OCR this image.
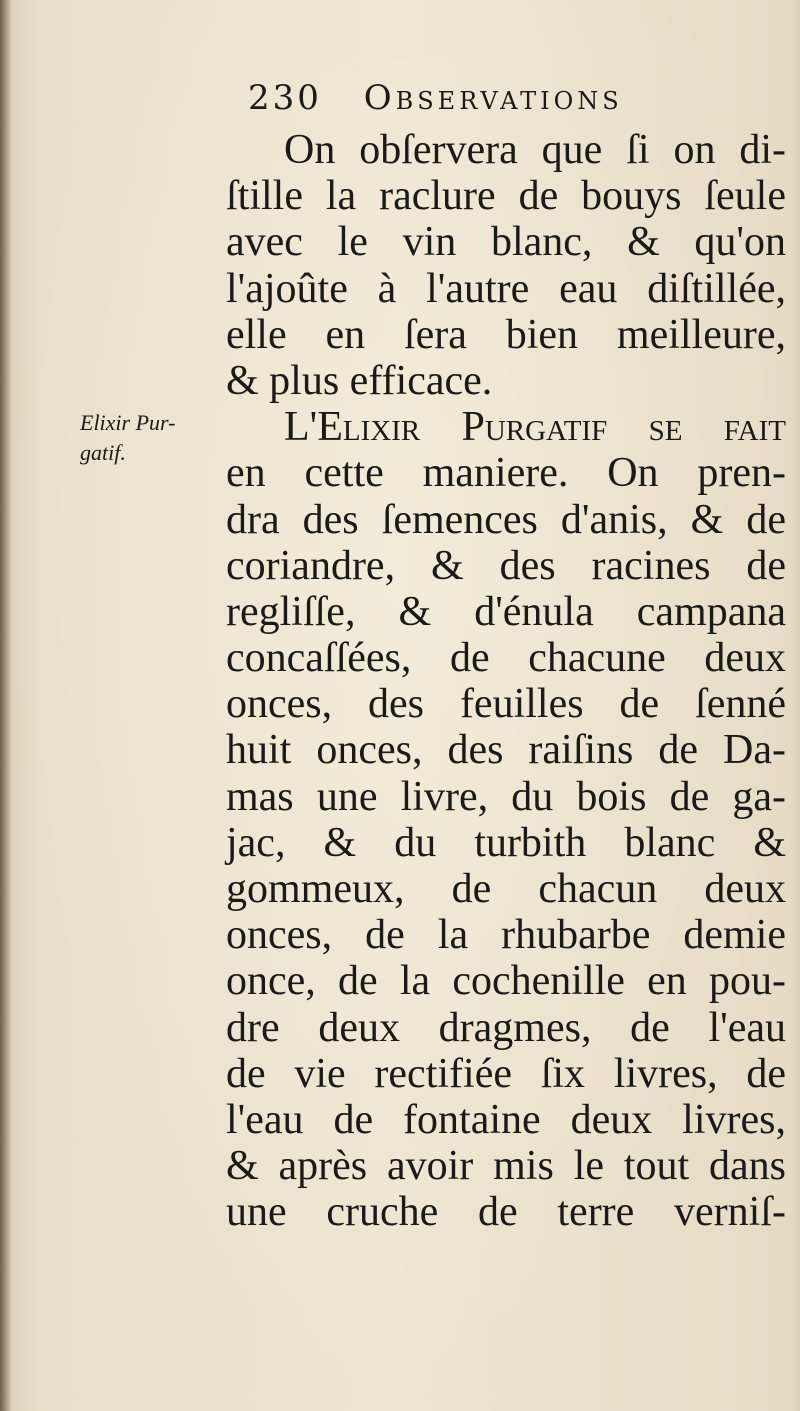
230 Observations
Elixir Pur-
gatif.
On obſervera que ſi on di-
ſtille la raclure de bouys ſeule
avec le vin blanc, & qu'on
l'ajoûte à l'autre eau diſtillée,
elle en ſera bien meilleure,
& plus efficace.
L'Elixir Purgatif ſe fait
en cette maniere. On pren-
dra des ſemences d'anis, & de
coriandre, & des racines de
regliſſe, & d'énula campana
concaſſées, de chacune deux
onces, des feuilles de ſenné
huit onces, des raiſins de Da-
mas une livre, du bois de ga-
jac, & du turbith blanc &
gommeux, de chacun deux
onces, de la rhubarbe demie
once, de la cochenille en pou-
dre deux dragmes, de l'eau
de vie rectifiée ſix livres, de
l'eau de fontaine deux livres,
& après avoir mis le tout dans
une cruche de terre verniſ-
